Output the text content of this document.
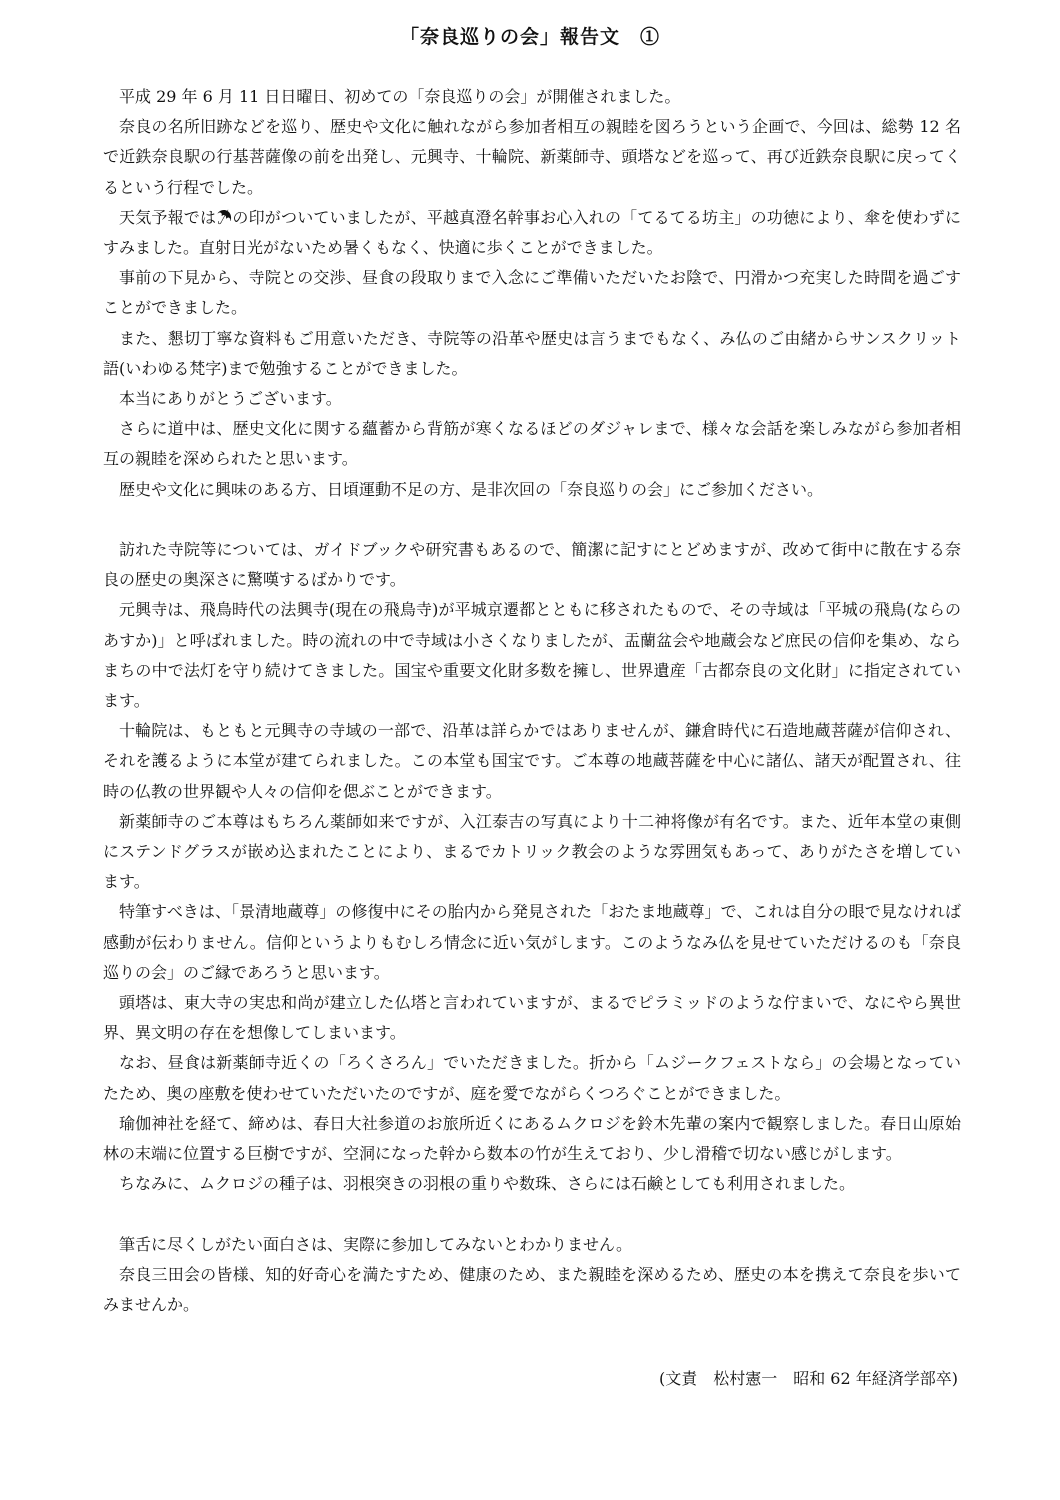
「奈良巡りの会」報告文　①

平成 29 年 6 月 11 日日曜日、初めての「奈良巡りの会」が開催されました。

奈良の名所旧跡などを巡り、歴史や文化に触れながら参加者相互の親睦を図ろうという企画で、今回は、総勢 12 名で近鉄奈良駅の行基菩薩像の前を出発し、元興寺、十輪院、新薬師寺、頭塔などを巡って、再び近鉄奈良駅に戻ってくるという行程でした。

天気予報では☂の印がついていましたが、平越真澄名幹事お心入れの「てるてる坊主」の功徳により、傘を使わずにすみました。直射日光がないため暑くもなく、快適に歩くことができました。

事前の下見から、寺院との交渉、昼食の段取りまで入念にご準備いただいたお陰で、円滑かつ充実した時間を過ごすことができました。

また、懇切丁寧な資料もご用意いただき、寺院等の沿革や歴史は言うまでもなく、み仏のご由緒からサンスクリット語(いわゆる梵字)まで勉強することができました。

本当にありがとうございます。

さらに道中は、歴史文化に関する蘊蓄から背筋が寒くなるほどのダジャレまで、様々な会話を楽しみながら参加者相互の親睦を深められたと思います。

歴史や文化に興味のある方、日頃運動不足の方、是非次回の「奈良巡りの会」にご参加ください。

訪れた寺院等については、ガイドブックや研究書もあるので、簡潔に記すにとどめますが、改めて街中に散在する奈良の歴史の奥深さに驚嘆するばかりです。

元興寺は、飛鳥時代の法興寺(現在の飛鳥寺)が平城京遷都とともに移されたもので、その寺域は「平城の飛鳥(ならのあすか)」と呼ばれました。時の流れの中で寺域は小さくなりましたが、盂蘭盆会や地蔵会など庶民の信仰を集め、ならまちの中で法灯を守り続けてきました。国宝や重要文化財多数を擁し、世界遺産「古都奈良の文化財」に指定されています。

十輪院は、もともと元興寺の寺域の一部で、沿革は詳らかではありませんが、鎌倉時代に石造地蔵菩薩が信仰され、それを護るように本堂が建てられました。この本堂も国宝です。ご本尊の地蔵菩薩を中心に諸仏、諸天が配置され、往時の仏教の世界観や人々の信仰を偲ぶことができます。

新薬師寺のご本尊はもちろん薬師如来ですが、入江泰吉の写真により十二神将像が有名です。また、近年本堂の東側にステンドグラスが嵌め込まれたことにより、まるでカトリック教会のような雰囲気もあって、ありがたさを増しています。

特筆すべきは、「景清地蔵尊」の修復中にその胎内から発見された「おたま地蔵尊」で、これは自分の眼で見なければ感動が伝わりません。信仰というよりもむしろ情念に近い気がします。このようなみ仏を見せていただけるのも「奈良巡りの会」のご縁であろうと思います。

頭塔は、東大寺の実忠和尚が建立した仏塔と言われていますが、まるでピラミッドのような佇まいで、なにやら異世界、異文明の存在を想像してしまいます。

なお、昼食は新薬師寺近くの「ろくさろん」でいただきました。折から「ムジークフェストなら」の会場となっていたため、奥の座敷を使わせていただいたのですが、庭を愛でながらくつろぐことができました。

瑜伽神社を経て、締めは、春日大社参道のお旅所近くにあるムクロジを鈴木先輩の案内で観察しました。春日山原始林の末端に位置する巨樹ですが、空洞になった幹から数本の竹が生えており、少し滑稽で切ない感じがします。

ちなみに、ムクロジの種子は、羽根突きの羽根の重りや数珠、さらには石鹸としても利用されました。

筆舌に尽くしがたい面白さは、実際に参加してみないとわかりません。

奈良三田会の皆様、知的好奇心を満たすため、健康のため、また親睦を深めるため、歴史の本を携えて奈良を歩いてみませんか。

(文責　松村憲一　昭和 62 年経済学部卒)
